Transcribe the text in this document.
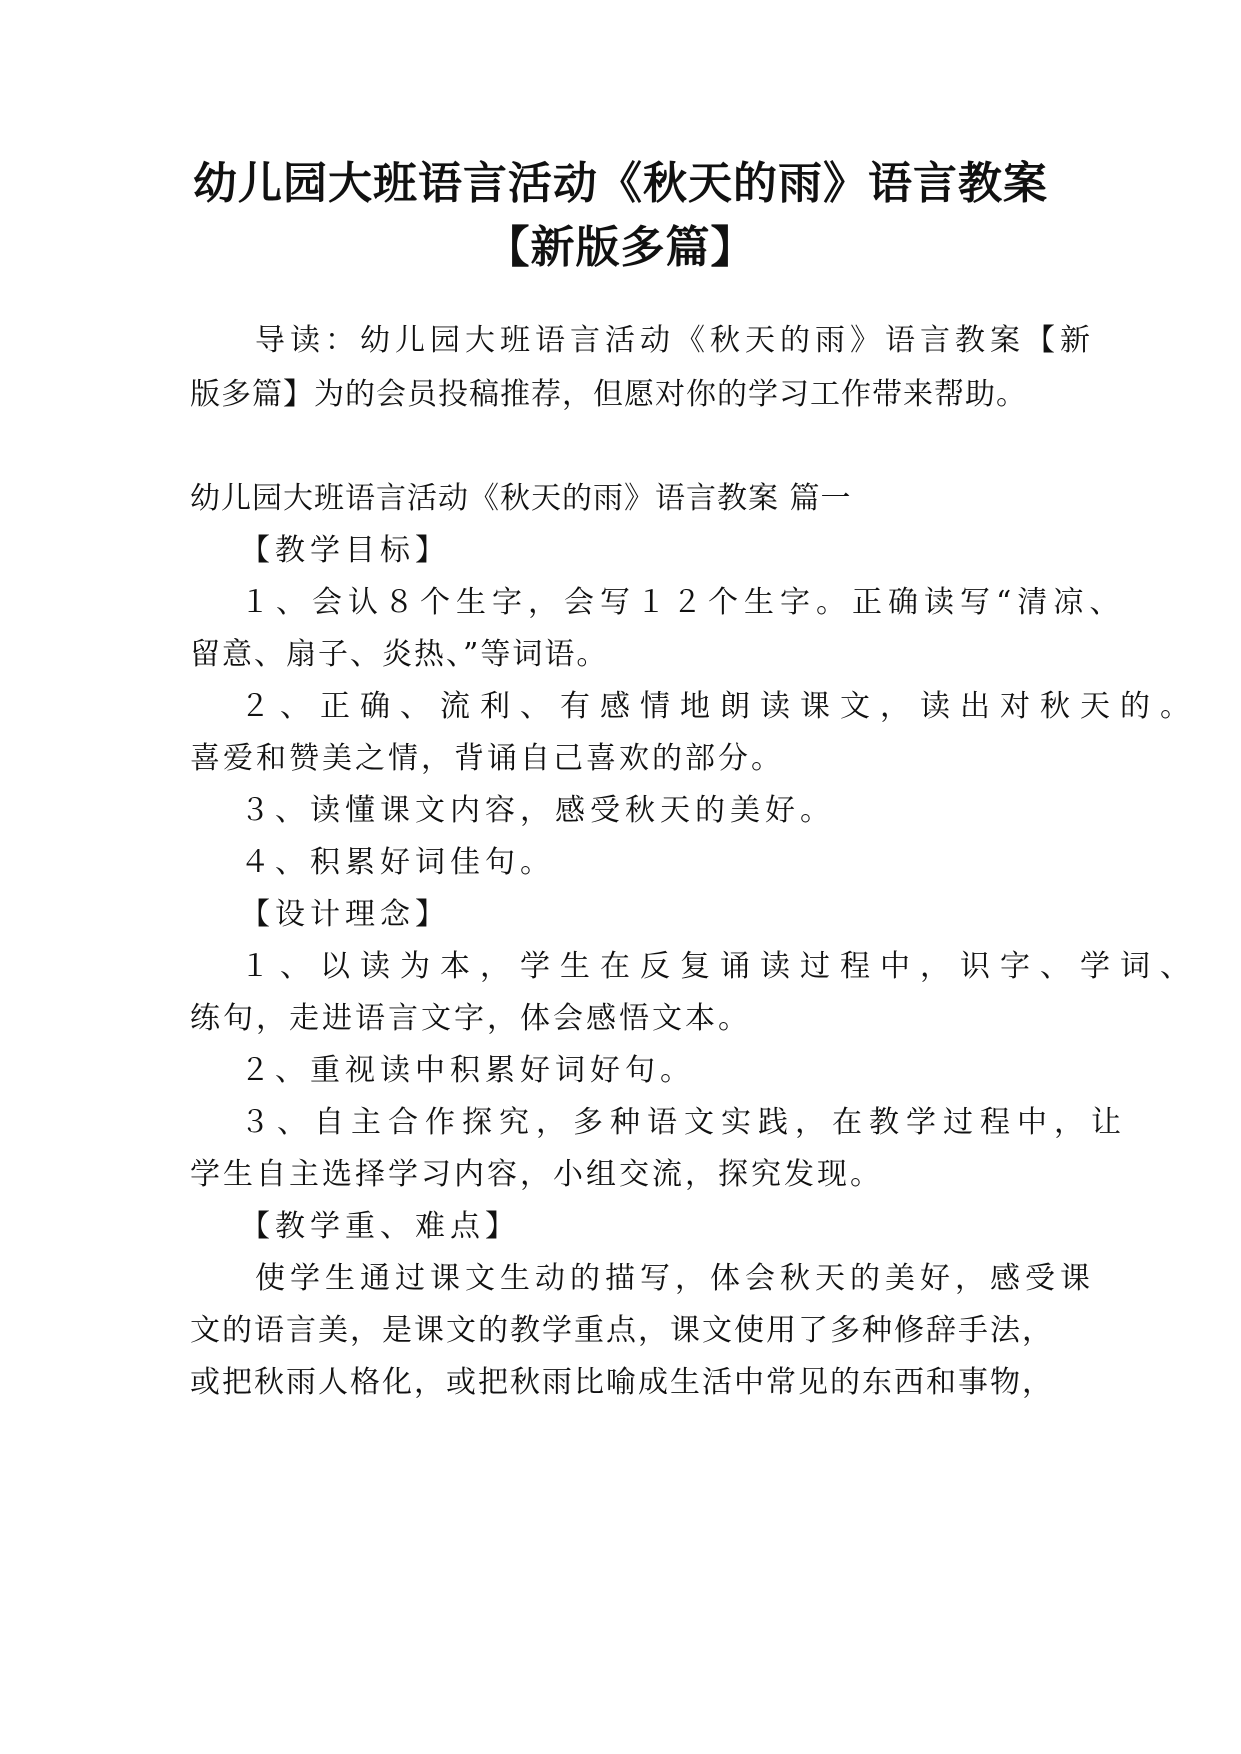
幼儿园大班语言活动《秋天的雨》语言教案
【新版多篇】
导读：幼儿园大班语言活动《秋天的雨》语言教案【新
版多篇】为的会员投稿推荐，但愿对你的学习工作带来帮助。
幼儿园大班语言活动《秋天的雨》语言教案 篇一
【教学目标】
１、会认８个生字，会写１２个生字。正确读写“清凉、
留意、扇子、炎热、”等词语。
２、正确、流利、有感情地朗读课文，读出对秋天的。
喜爱和赞美之情，背诵自己喜欢的部分。
３、读懂课文内容，感受秋天的美好。
４、积累好词佳句。
【设计理念】
１、以读为本，学生在反复诵读过程中，识字、学词、
练句，走进语言文字，体会感悟文本。
２、重视读中积累好词好句。
３、自主合作探究，多种语文实践，在教学过程中，让
学生自主选择学习内容，小组交流，探究发现。
【教学重、难点】
使学生通过课文生动的描写，体会秋天的美好，感受课
文的语言美，是课文的教学重点，课文使用了多种修辞手法，
或把秋雨人格化，或把秋雨比喻成生活中常见的东西和事物，
